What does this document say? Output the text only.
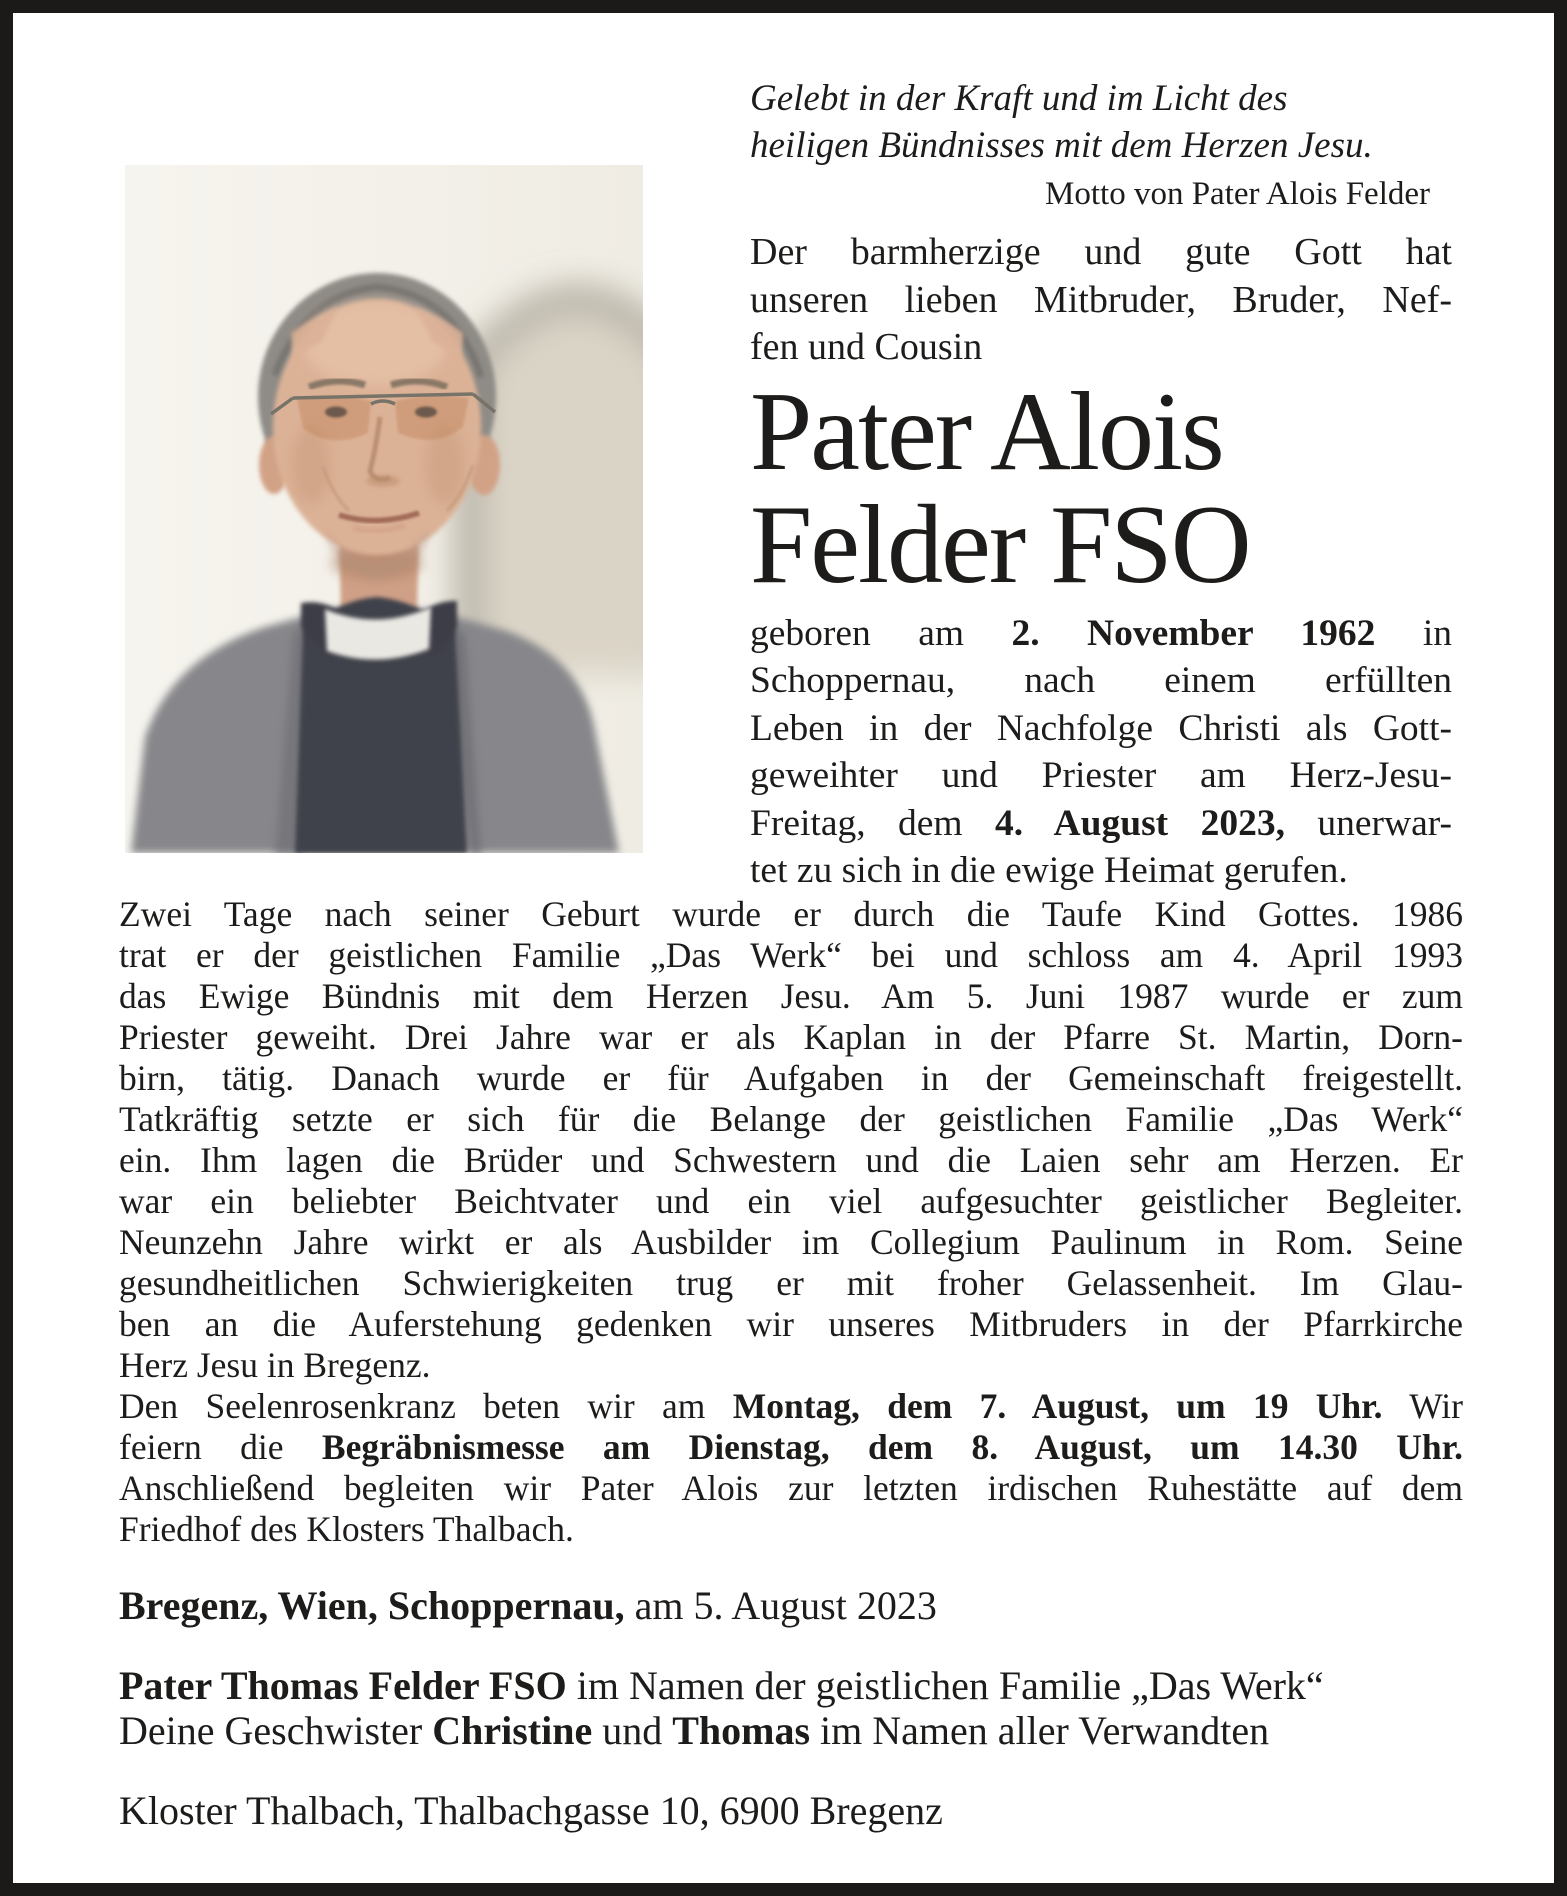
Gelebt in der Kraft und im Licht des
heiligen Bündnisses mit dem Herzen Jesu.
Motto von Pater Alois Felder
Der barmherzige und gute Gott hat
unseren lieben Mitbruder, Bruder, Nef-
fen und Cousin
Pater Alois
Felder FSO
geboren am 2. November 1962 in
Schoppernau, nach einem erfüllten
Leben in der Nachfolge Christi als Gott-
geweihter und Priester am Herz-Jesu-
Freitag, dem 4. August 2023, unerwar-
tet zu sich in die ewige Heimat gerufen.
Zwei Tage nach seiner Geburt wurde er durch die Taufe Kind Gottes. 1986
trat er der geistlichen Familie „Das Werk“ bei und schloss am 4. April 1993
das Ewige Bündnis mit dem Herzen Jesu. Am 5. Juni 1987 wurde er zum
Priester geweiht. Drei Jahre war er als Kaplan in der Pfarre St. Martin, Dorn-
birn, tätig. Danach wurde er für Aufgaben in der Gemeinschaft freigestellt.
Tatkräftig setzte er sich für die Belange der geistlichen Familie „Das Werk“
ein. Ihm lagen die Brüder und Schwestern und die Laien sehr am Herzen. Er
war ein beliebter Beichtvater und ein viel aufgesuchter geistlicher Begleiter.
Neunzehn Jahre wirkt er als Ausbilder im Collegium Paulinum in Rom. Seine
gesundheitlichen Schwierigkeiten trug er mit froher Gelassenheit. Im Glau-
ben an die Auferstehung gedenken wir unseres Mitbruders in der Pfarrkirche
Herz Jesu in Bregenz.
Den Seelenrosenkranz beten wir am Montag, dem 7. August, um 19 Uhr. Wir
feiern die Begräbnismesse am Dienstag, dem 8. August, um 14.30 Uhr.
Anschließend begleiten wir Pater Alois zur letzten irdischen Ruhestätte auf dem
Friedhof des Klosters Thalbach.
Bregenz, Wien, Schoppernau, am 5. August 2023
Pater Thomas Felder FSO im Namen der geistlichen Familie „Das Werk“
Deine Geschwister Christine und Thomas im Namen aller Verwandten
Kloster Thalbach, Thalbachgasse 10, 6900 Bregenz
